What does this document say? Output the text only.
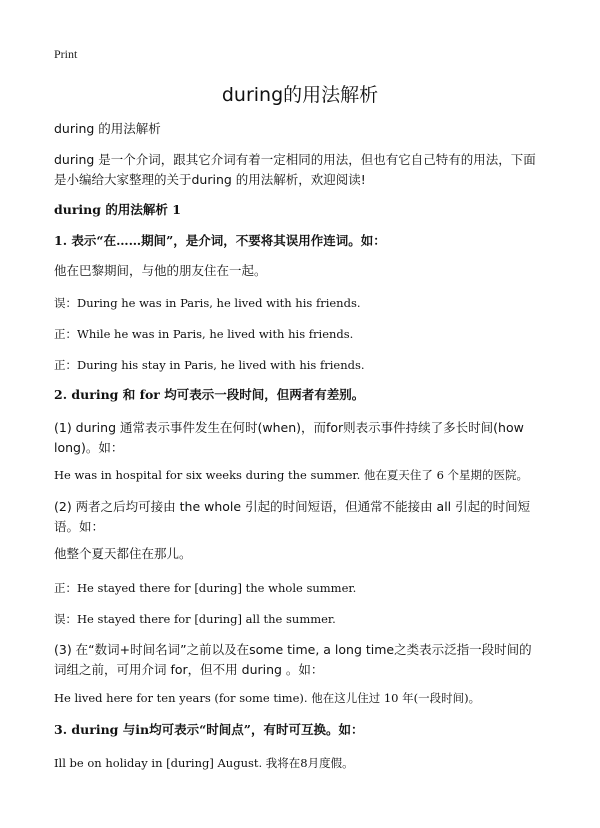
Print
during的用法解析
during 的用法解析
during 是一个介词，跟其它介词有着一定相同的用法，但也有它自己特有的用法，下面是小编给大家整理的关于during 的用法解析，欢迎阅读!
during 的用法解析 1
1. 表示“在……期间”，是介词，不要将其误用作连词。如：
他在巴黎期间，与他的朋友住在一起。
误：During he was in Paris, he lived with his friends.
正：While he was in Paris, he lived with his friends.
正：During his stay in Paris, he lived with his friends.
2. during 和 for 均可表示一段时间，但两者有差别。
(1) during 通常表示事件发生在何时(when)，而for则表示事件持续了多长时间(how long)。如：
He was in hospital for six weeks during the summer. 他在夏天住了 6 个星期的医院。
(2) 两者之后均可接由 the whole 引起的时间短语，但通常不能接由 all 引起的时间短语。如：
他整个夏天都住在那儿。
正：He stayed there for [during] the whole summer.
误：He stayed there for [during] all the summer.
(3) 在“数词+时间名词”之前以及在some time, a long time之类表示泛指一段时间的词组之前，可用介词 for，但不用 during 。如：
He lived here for ten years (for some time). 他在这儿住过 10 年(一段时间)。
3. during 与in均可表示“时间点”，有时可互换。如：
Ill be on holiday in [during] August. 我将在8月度假。
